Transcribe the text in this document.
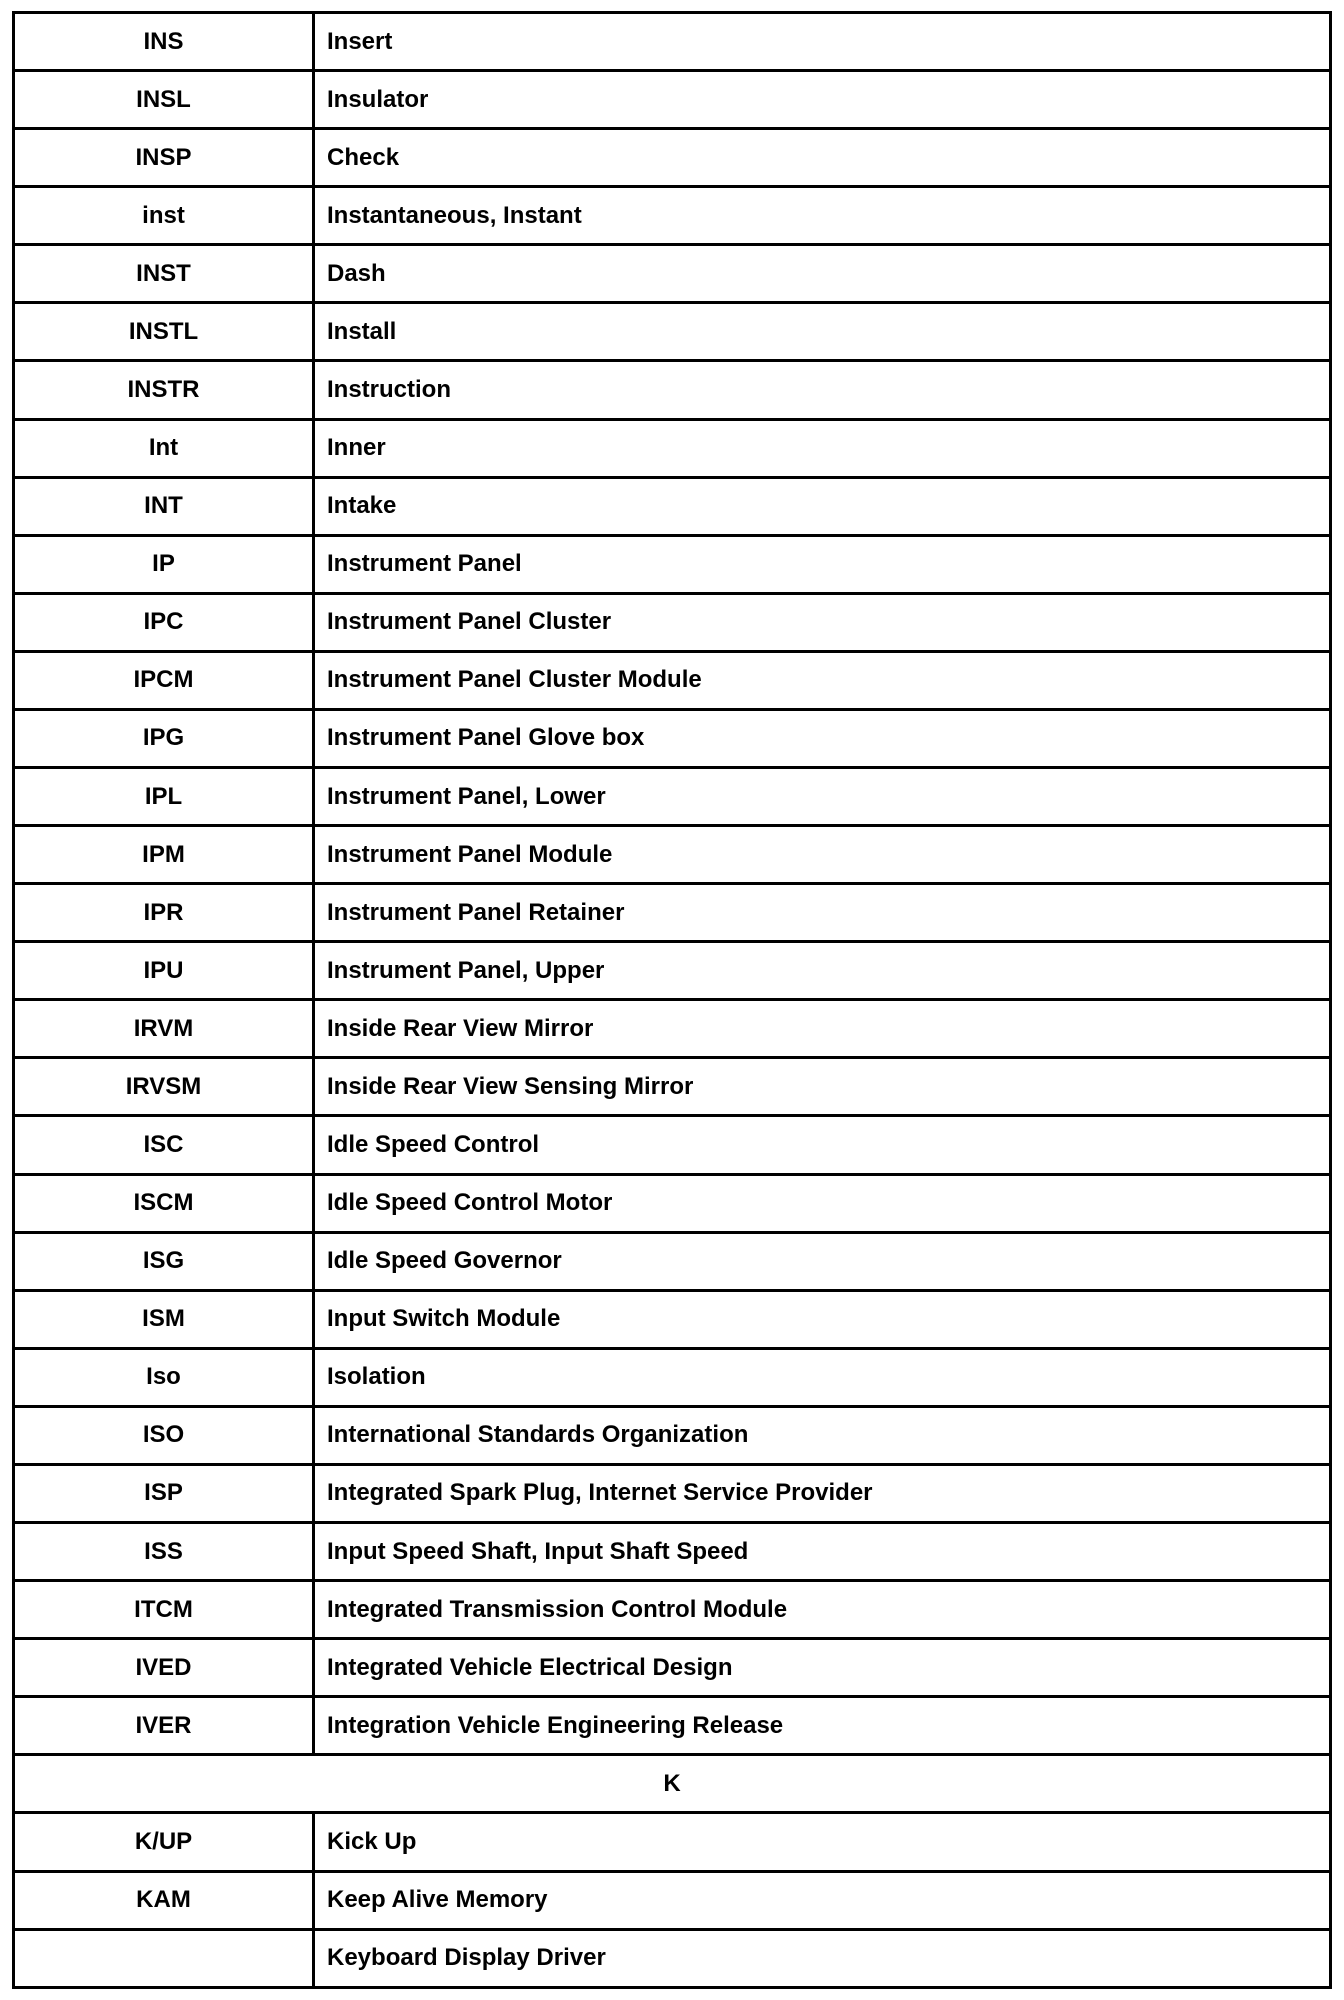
INS	Insert
INSL	Insulator
INSP	Check
inst	Instantaneous, Instant
INST	Dash
INSTL	Install
INSTR	Instruction
Int	Inner
INT	Intake
IP	Instrument Panel
IPC	Instrument Panel Cluster
IPCM	Instrument Panel Cluster Module
IPG	Instrument Panel Glove box
IPL	Instrument Panel, Lower
IPM	Instrument Panel Module
IPR	Instrument Panel Retainer
IPU	Instrument Panel, Upper
IRVM	Inside Rear View Mirror
IRVSM	Inside Rear View Sensing Mirror
ISC	Idle Speed Control
ISCM	Idle Speed Control Motor
ISG	Idle Speed Governor
ISM	Input Switch Module
Iso	Isolation
ISO	International Standards Organization
ISP	Integrated Spark Plug, Internet Service Provider
ISS	Input Speed Shaft, Input Shaft Speed
ITCM	Integrated Transmission Control Module
IVED	Integrated Vehicle Electrical Design
IVER	Integration Vehicle Engineering Release
K	
K/UP	Kick Up
KAM	Keep Alive Memory
	Keyboard Display Driver
